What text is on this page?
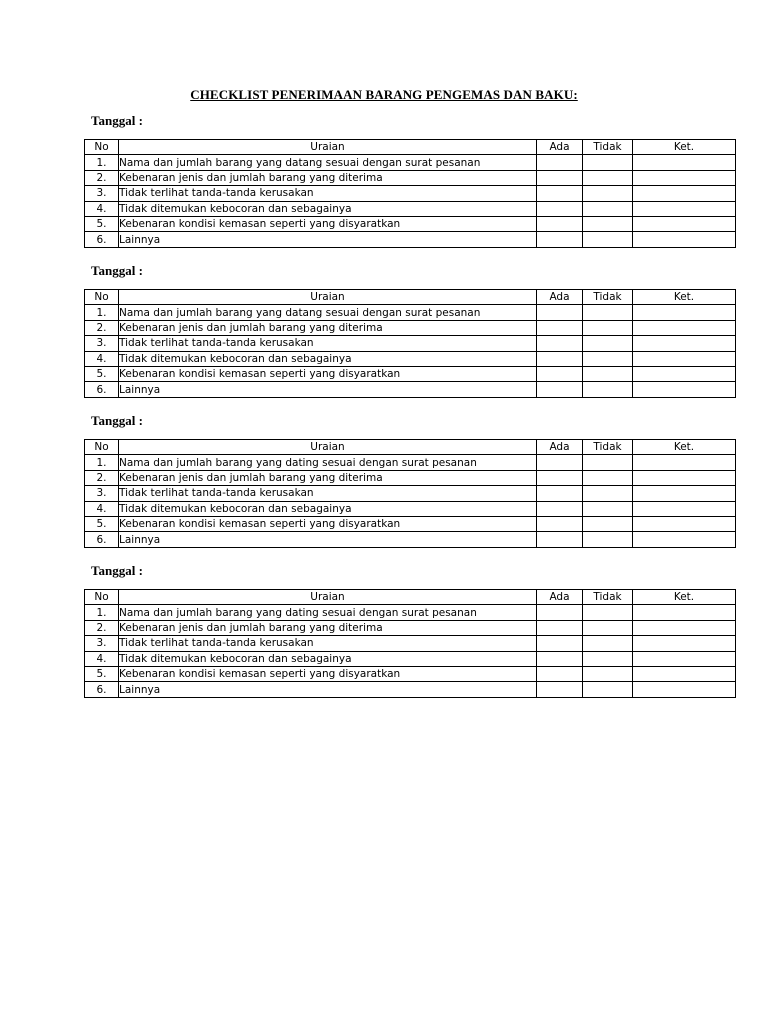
CHECKLIST PENERIMAAN BARANG PENGEMAS DAN BAKU:
Tanggal :
No	Uraian	Ada	Tidak	Ket.
1.	Nama dan jumlah barang yang datang sesuai dengan surat pesanan			
2.	Kebenaran jenis dan jumlah barang yang diterima			
3.	Tidak terlihat tanda-tanda kerusakan			
4.	Tidak ditemukan kebocoran dan sebagainya			
5.	Kebenaran kondisi kemasan seperti yang disyaratkan			
6.	Lainnya			
Tanggal :
No	Uraian	Ada	Tidak	Ket.
1.	Nama dan jumlah barang yang datang sesuai dengan surat pesanan			
2.	Kebenaran jenis dan jumlah barang yang diterima			
3.	Tidak terlihat tanda-tanda kerusakan			
4.	Tidak ditemukan kebocoran dan sebagainya			
5.	Kebenaran kondisi kemasan seperti yang disyaratkan			
6.	Lainnya			
Tanggal :
No	Uraian	Ada	Tidak	Ket.
1.	Nama dan jumlah barang yang dating sesuai dengan surat pesanan			
2.	Kebenaran jenis dan jumlah barang yang diterima			
3.	Tidak terlihat tanda-tanda kerusakan			
4.	Tidak ditemukan kebocoran dan sebagainya			
5.	Kebenaran kondisi kemasan seperti yang disyaratkan			
6.	Lainnya			
Tanggal :
No	Uraian	Ada	Tidak	Ket.
1.	Nama dan jumlah barang yang dating sesuai dengan surat pesanan			
2.	Kebenaran jenis dan jumlah barang yang diterima			
3.	Tidak terlihat tanda-tanda kerusakan			
4.	Tidak ditemukan kebocoran dan sebagainya			
5.	Kebenaran kondisi kemasan seperti yang disyaratkan			
6.	Lainnya			
